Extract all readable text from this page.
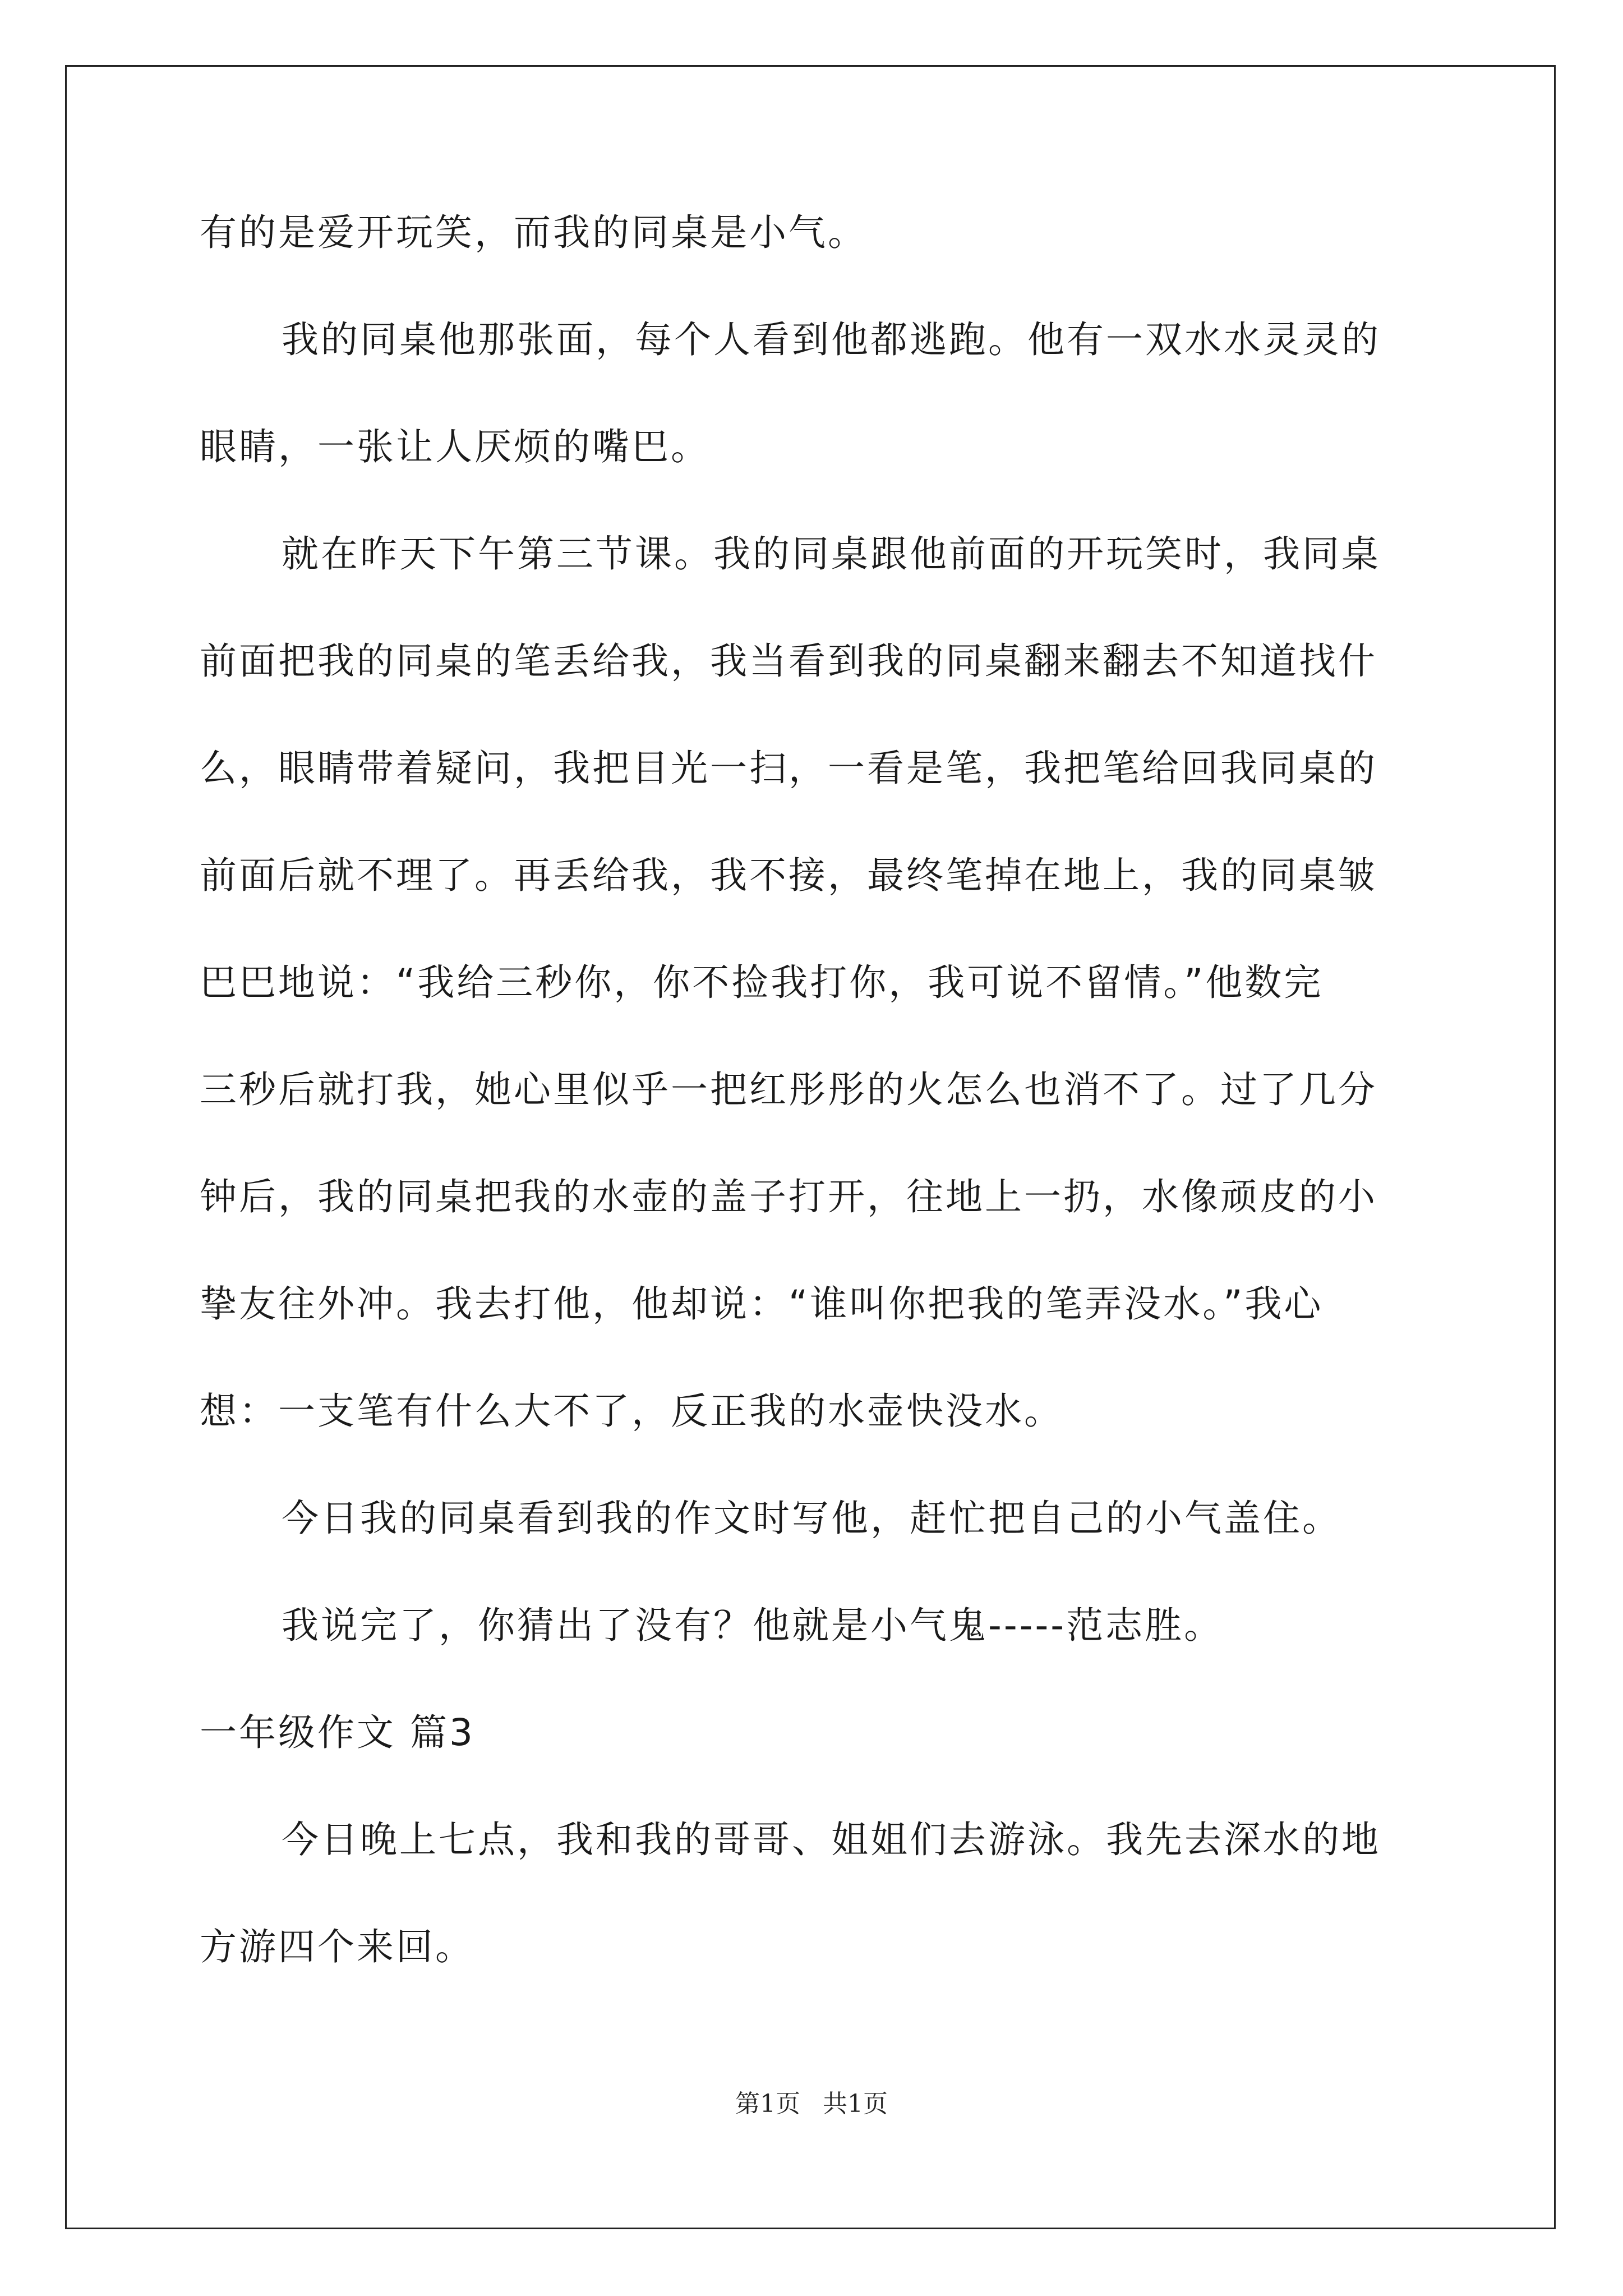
有的是爱开玩笑，而我的同桌是小气。

我的同桌他那张面，每个人看到他都逃跑。他有一双水水灵灵的

眼睛，一张让人厌烦的嘴巴。

就在昨天下午第三节课。我的同桌跟他前面的开玩笑时，我同桌

前面把我的同桌的笔丢给我，我当看到我的同桌翻来翻去不知道找什

么，眼睛带着疑问，我把目光一扫，一看是笔，我把笔给回我同桌的

前面后就不理了。再丢给我，我不接，最终笔掉在地上，我的同桌皱

巴巴地说：“我给三秒你，你不捡我打你，我可说不留情。”他数完

三秒后就打我，她心里似乎一把红彤彤的火怎么也消不了。过了几分

钟后，我的同桌把我的水壶的盖子打开，往地上一扔，水像顽皮的小

挚友往外冲。我去打他，他却说：“谁叫你把我的笔弄没水。”我心

想：一支笔有什么大不了，反正我的水壶快没水。

今日我的同桌看到我的作文时写他，赶忙把自己的小气盖住。

我说完了，你猜出了没有？他就是小气鬼-----范志胜。

一年级作文 篇3

今日晚上七点，我和我的哥哥、姐姐们去游泳。我先去深水的地

方游四个来回。

第1页 共1页
